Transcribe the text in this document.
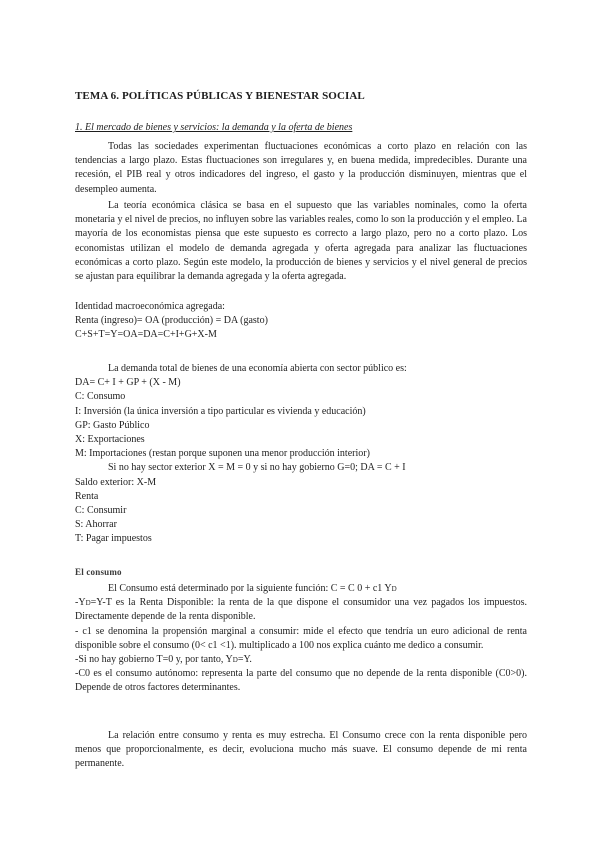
TEMA 6. POLÍTICAS PÚBLICAS Y BIENESTAR SOCIAL
1. El mercado de bienes y servicios: la demanda y la oferta de bienes
Todas las sociedades experimentan fluctuaciones económicas a corto plazo en relación con las tendencias a largo plazo. Estas fluctuaciones son irregulares y, en buena medida, impredecibles. Durante una recesión, el PIB real y otros indicadores del ingreso, el gasto y la producción disminuyen, mientras que el desempleo aumenta.
La teoría económica clásica se basa en el supuesto que las variables nominales, como la oferta monetaria y el nivel de precios, no influyen sobre las variables reales, como lo son la producción y el empleo. La mayoría de los economistas piensa que este supuesto es correcto a largo plazo, pero no a corto plazo. Los economistas utilizan el modelo de demanda agregada y oferta agregada para analizar las fluctuaciones económicas a corto plazo. Según este modelo, la producción de bienes y servicios y el nivel general de precios se ajustan para equilibrar la demanda agregada y la oferta agregada.

Identidad macroeconómica agregada:

Renta (ingreso)= OA (producción) = DA (gasto)

C+S+T=Y=OA=DA=C+I+G+X-M

La demanda total de bienes de una economía abierta con sector público es:

DA= C+ I + GP + (X - M)

C: Consumo

I: Inversión (la única inversión a tipo particular es vivienda y educación)

GP: Gasto Público

X: Exportaciones

M: Importaciones (restan porque suponen una menor producción interior)

Si no hay sector exterior X = M = 0 y si no hay gobierno G=0; DA = C + I

Saldo exterior: X-M

Renta

C: Consumir

S: Ahorrar

T: Pagar impuestos

El consumo

El Consumo está determinado por la siguiente función: C = C 0 + c1 YD

-YD=Y-T es la Renta Disponible: la renta de la que dispone el consumidor una vez pagados los impuestos. Directamente depende de la renta disponible.

- c1 se denomina la propensión marginal a consumir: mide el efecto que tendría un euro adicional de renta disponible sobre el consumo (0< c1 <1). multiplicado a 100 nos explica cuánto me dedico a consumir.

-Si no hay gobierno T=0 y, por tanto, YD=Y.

-C0 es el consumo autónomo: representa la parte del consumo que no depende de la renta disponible (C0>0). Depende de otros factores determinantes.

La relación entre consumo y renta es muy estrecha. El Consumo crece con la renta disponible pero menos que proporcionalmente, es decir, evoluciona mucho más suave. El consumo depende de mi renta permanente.
